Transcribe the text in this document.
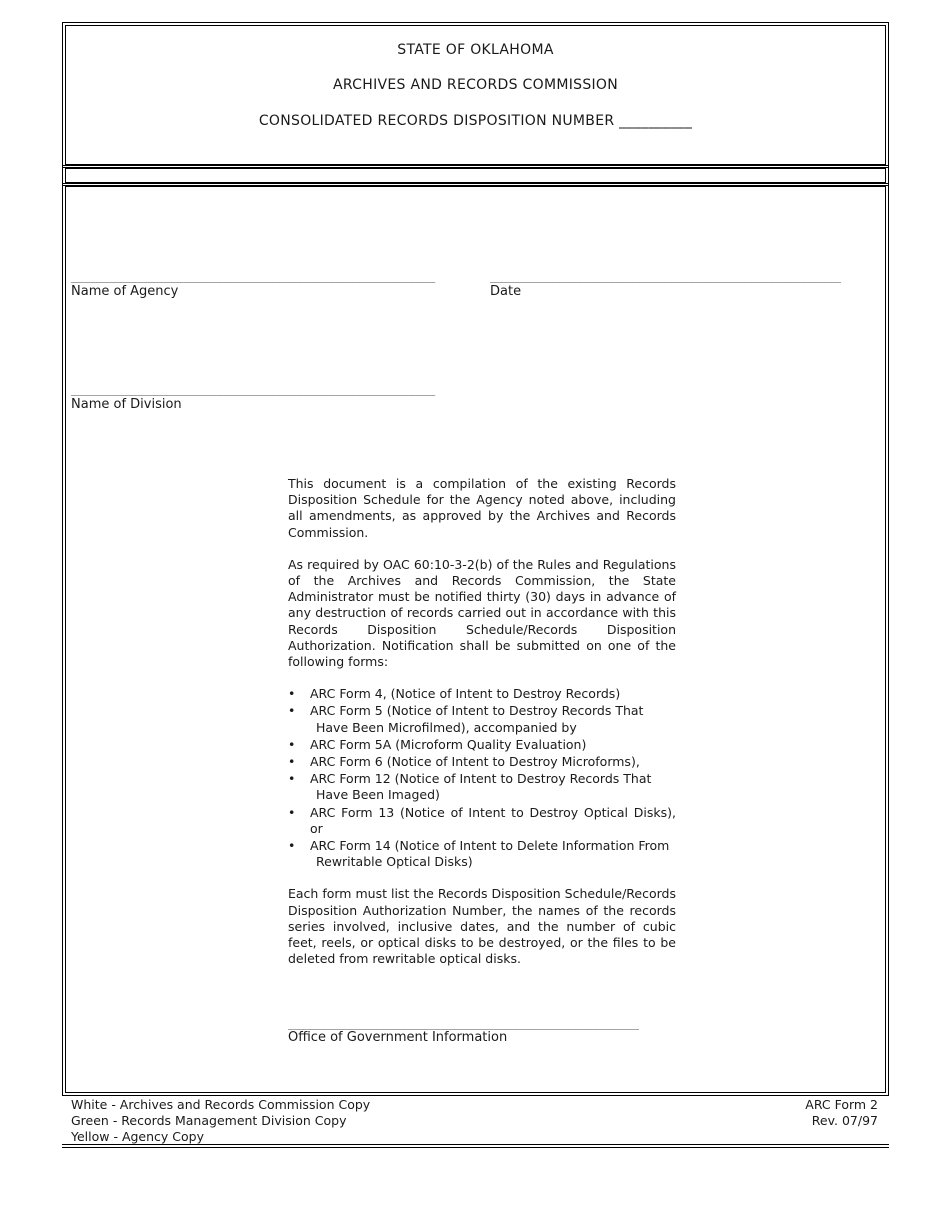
STATE OF OKLAHOMA
ARCHIVES AND RECORDS COMMISSION
CONSOLIDATED RECORDS DISPOSITION NUMBER __________
_______________________________________________________
Name of Agency
_____________________________________________________
Date
_______________________________________________________
Name of Division

This document is a compilation of the existing Records Disposition Schedule for the Agency noted above, including all amendments, as approved by the Archives and Records Commission.

As required by OAC 60:10-3-2(b) of the Rules and Regulations of the Archives and Records Commission, the State Administrator must be notified thirty (30) days in advance of any destruction of records carried out in accordance with this Records Disposition Schedule/Records Disposition Authorization. Notification shall be submitted on one of the following forms:

• ARC Form 4, (Notice of Intent to Destroy Records)
• ARC Form 5 (Notice of Intent to Destroy Records That
Have Been Microfilmed), accompanied by
• ARC Form 5A (Microform Quality Evaluation)
• ARC Form 6 (Notice of Intent to Destroy Microforms),
• ARC Form 12 (Notice of Intent to Destroy Records That
Have Been Imaged)
• ARC Form 13 (Notice of Intent to Destroy Optical Disks), or
• ARC Form 14 (Notice of Intent to Delete Information From
Rewritable Optical Disks)

Each form must list the Records Disposition Schedule/Records Disposition Authorization Number, the names of the records series involved, inclusive dates, and the number of cubic feet, reels, or optical disks to be destroyed, or the files to be deleted from rewritable optical disks.

_____________________________________________________
Office of Government Information
White - Archives and Records Commission Copy
Green - Records Management Division Copy
Yellow - Agency Copy
ARC Form 2
Rev. 07/97
